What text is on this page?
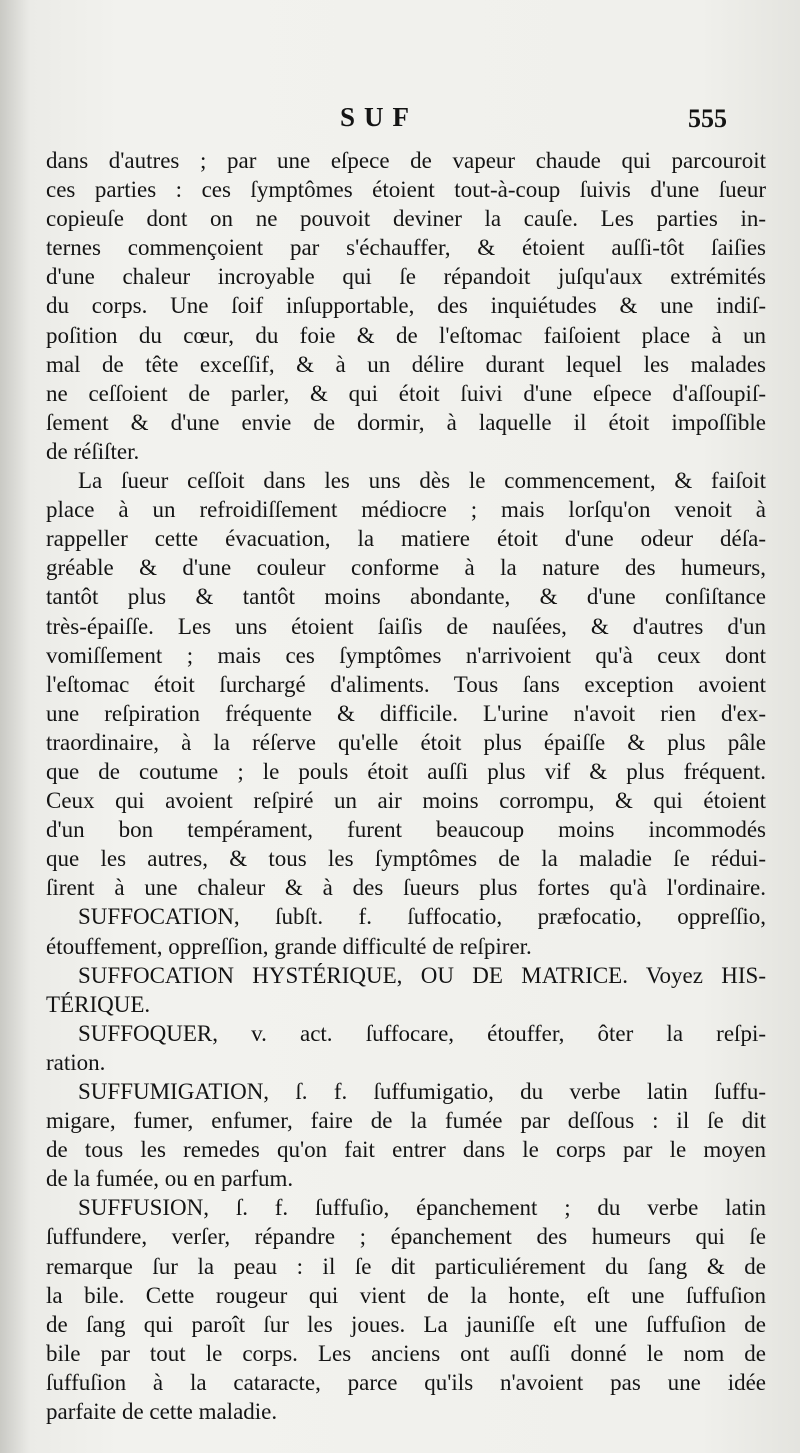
SUF	555
dans d'autres ; par une eſpece de vapeur chaude qui parcouroit
ces parties : ces ſymptômes étoient tout-à-coup ſuivis d'une ſueur
copieuſe dont on ne pouvoit deviner la cauſe. Les parties in-
ternes commençoient par s'échauffer, & étoient auſſi-tôt ſaiſies
d'une chaleur incroyable qui ſe répandoit juſqu'aux extrémités
du corps. Une ſoif inſupportable, des inquiétudes & une indiſ-
poſition du cœur, du foie & de l'eſtomac faiſoient place à un
mal de tête exceſſif, & à un délire durant lequel les malades
ne ceſſoient de parler, & qui étoit ſuivi d'une eſpece d'aſſoupiſ-
ſement & d'une envie de dormir, à laquelle il étoit impoſſible
de réſiſter.
La ſueur ceſſoit dans les uns dès le commencement, & faiſoit
place à un refroidiſſement médiocre ; mais lorſqu'on venoit à
rappeller cette évacuation, la matiere étoit d'une odeur déſa-
gréable & d'une couleur conforme à la nature des humeurs,
tantôt plus & tantôt moins abondante, & d'une conſiſtance
très-épaiſſe. Les uns étoient ſaiſis de nauſées, & d'autres d'un
vomiſſement ; mais ces ſymptômes n'arrivoient qu'à ceux dont
l'eſtomac étoit ſurchargé d'aliments. Tous ſans exception avoient
une reſpiration fréquente & difficile. L'urine n'avoit rien d'ex-
traordinaire, à la réſerve qu'elle étoit plus épaiſſe & plus pâle
que de coutume ; le pouls étoit auſſi plus vif & plus fréquent.
Ceux qui avoient reſpiré un air moins corrompu, & qui étoient
d'un bon tempérament, furent beaucoup moins incommodés
que les autres, & tous les ſymptômes de la maladie ſe rédui-
ſirent à une chaleur & à des ſueurs plus fortes qu'à l'ordinaire.
SUFFOCATION, ſubſt. f. ſuffocatio, præfocatio, oppreſſio,
étouffement, oppreſſion, grande difficulté de reſpirer.
SUFFOCATION HYSTÉRIQUE, OU DE MATRICE. Voyez HIS-
TÉRIQUE.
SUFFOQUER, v. act. ſuffocare, étouffer, ôter la reſpi-
ration.
SUFFUMIGATION, ſ. f. ſuffumigatio, du verbe latin ſuffu-
migare, fumer, enfumer, faire de la fumée par deſſous : il ſe dit
de tous les remedes qu'on fait entrer dans le corps par le moyen
de la fumée, ou en parfum.
SUFFUSION, ſ. f. ſuffuſio, épanchement ; du verbe latin
ſuffundere, verſer, répandre ; épanchement des humeurs qui ſe
remarque ſur la peau : il ſe dit particuliérement du ſang & de
la bile. Cette rougeur qui vient de la honte, eſt une ſuffuſion
de ſang qui paroît ſur les joues. La jauniſſe eſt une ſuffuſion de
bile par tout le corps. Les anciens ont auſſi donné le nom de
ſuffuſion à la cataracte, parce qu'ils n'avoient pas une idée
parfaite de cette maladie.
